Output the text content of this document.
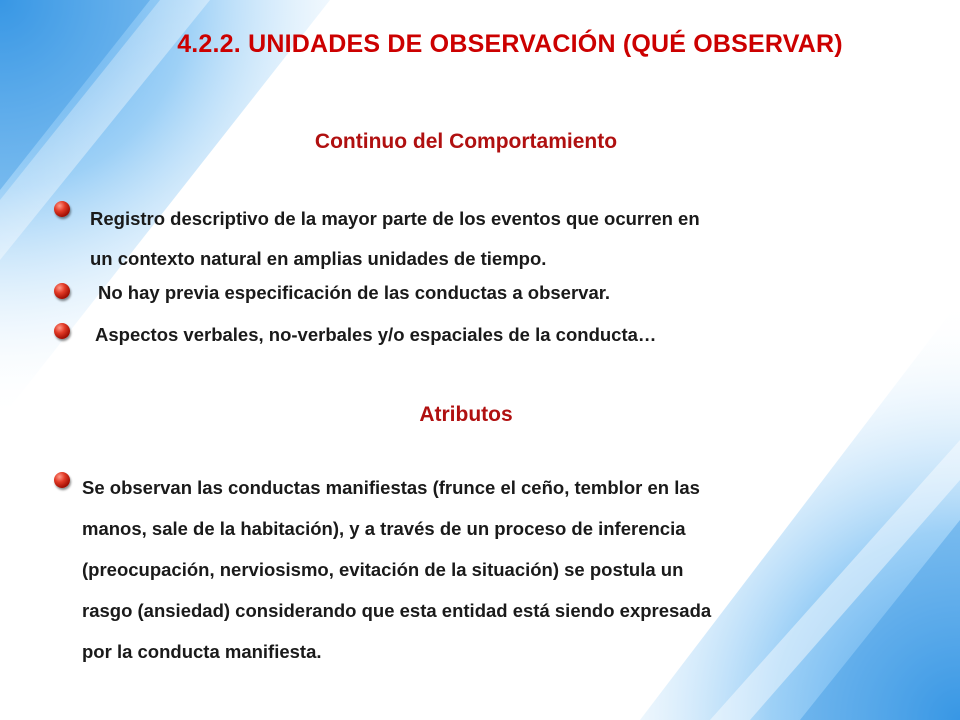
4.2.2. UNIDADES DE OBSERVACIÓN (QUÉ OBSERVAR)
Continuo del Comportamiento
Registro descriptivo de la mayor parte de los eventos que ocurren en
un contexto natural en amplias unidades de tiempo.
No hay previa especificación de las conductas a observar.
Aspectos verbales, no-verbales y/o espaciales de la conducta…
Atributos
Se observan las conductas manifiestas (frunce el ceño, temblor en las
manos, sale de la habitación), y a través de un proceso de inferencia
(preocupación, nerviosismo, evitación de la situación) se postula un
rasgo (ansiedad) considerando que esta entidad está siendo expresada
por la conducta manifiesta.
